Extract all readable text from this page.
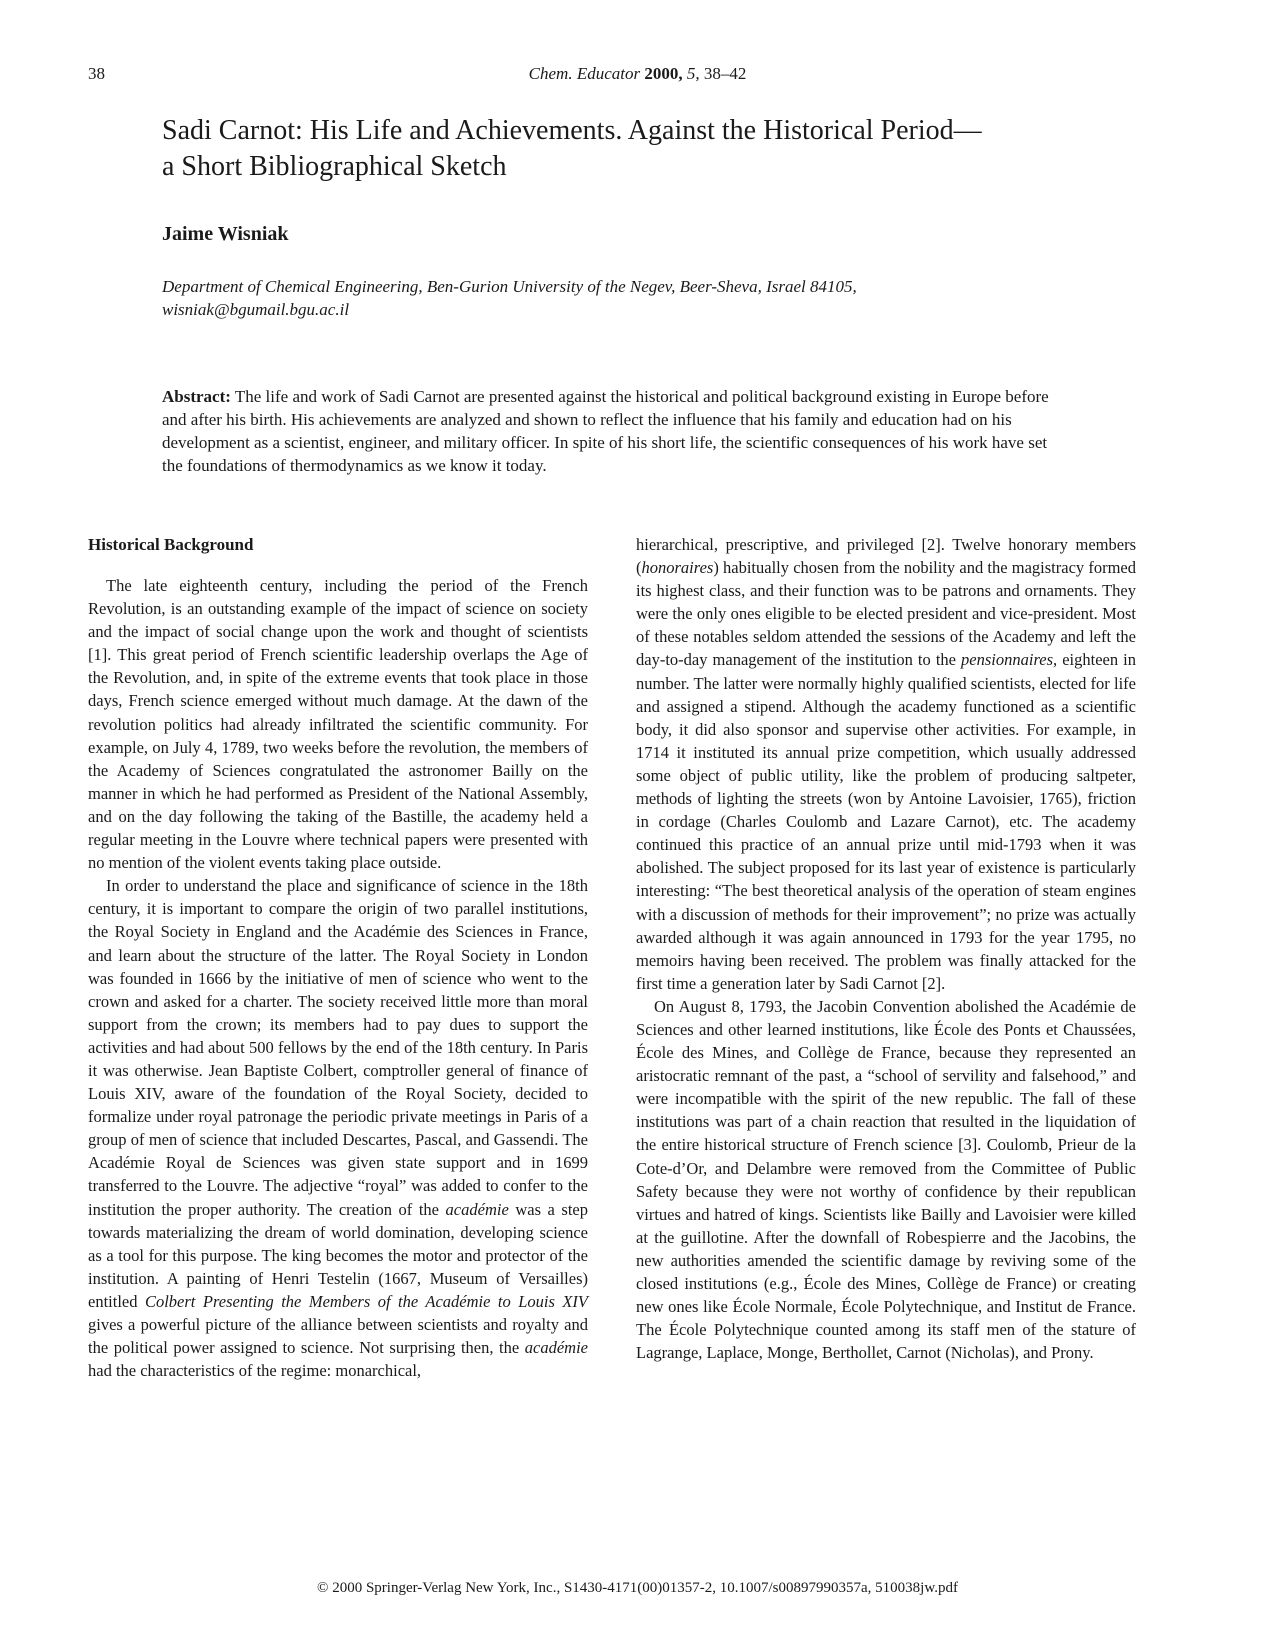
38	Chem. Educator 2000, 5, 38–42
Sadi Carnot: His Life and Achievements. Against the Historical Period—
a Short Bibliographical Sketch

Jaime Wisniak

Department of Chemical Engineering, Ben-Gurion University of the Negev, Beer-Sheva, Israel 84105,
wisniak@bgumail.bgu.ac.il

Abstract: The life and work of Sadi Carnot are presented against the historical and political background existing in Europe before and after his birth. His achievements are analyzed and shown to reflect the influence that his family and education had on his development as a scientist, engineer, and military officer. In spite of his short life, the scientific consequences of his work have set the foundations of thermodynamics as we know it today.

Historical Background

The late eighteenth century, including the period of the French Revolution, is an outstanding example of the impact of science on society and the impact of social change upon the work and thought of scientists [1]. This great period of French scientific leadership overlaps the Age of the Revolution, and, in spite of the extreme events that took place in those days, French science emerged without much damage. At the dawn of the revolution politics had already infiltrated the scientific community. For example, on July 4, 1789, two weeks before the revolution, the members of the Academy of Sciences congratulated the astronomer Bailly on the manner in which he had performed as President of the National Assembly, and on the day following the taking of the Bastille, the academy held a regular meeting in the Louvre where technical papers were presented with no mention of the violent events taking place outside.

In order to understand the place and significance of science in the 18th century, it is important to compare the origin of two parallel institutions, the Royal Society in England and the Académie des Sciences in France, and learn about the structure of the latter. The Royal Society in London was founded in 1666 by the initiative of men of science who went to the crown and asked for a charter. The society received little more than moral support from the crown; its members had to pay dues to support the activities and had about 500 fellows by the end of the 18th century. In Paris it was otherwise. Jean Baptiste Colbert, comptroller general of finance of Louis XIV, aware of the foundation of the Royal Society, decided to formalize under royal patronage the periodic private meetings in Paris of a group of men of science that included Descartes, Pascal, and Gassendi. The Académie Royal de Sciences was given state support and in 1699 transferred to the Louvre. The adjective “royal” was added to confer to the institution the proper authority. The creation of the académie was a step towards materializing the dream of world domination, developing science as a tool for this purpose. The king becomes the motor and protector of the institution. A painting of Henri Testelin (1667, Museum of Versailles) entitled Colbert Presenting the Members of the Académie to Louis XIV gives a powerful picture of the alliance between scientists and royalty and the political power assigned to science. Not surprising then, the académie had the characteristics of the regime: monarchical,

hierarchical, prescriptive, and privileged [2]. Twelve honorary members (honoraires) habitually chosen from the nobility and the magistracy formed its highest class, and their function was to be patrons and ornaments. They were the only ones eligible to be elected president and vice-president. Most of these notables seldom attended the sessions of the Academy and left the day-to-day management of the institution to the pensionnaires, eighteen in number. The latter were normally highly qualified scientists, elected for life and assigned a stipend. Although the academy functioned as a scientific body, it did also sponsor and supervise other activities. For example, in 1714 it instituted its annual prize competition, which usually addressed some object of public utility, like the problem of producing saltpeter, methods of lighting the streets (won by Antoine Lavoisier, 1765), friction in cordage (Charles Coulomb and Lazare Carnot), etc. The academy continued this practice of an annual prize until mid-1793 when it was abolished. The subject proposed for its last year of existence is particularly interesting: “The best theoretical analysis of the operation of steam engines with a discussion of methods for their improvement”; no prize was actually awarded although it was again announced in 1793 for the year 1795, no memoirs having been received. The problem was finally attacked for the first time a generation later by Sadi Carnot [2].

On August 8, 1793, the Jacobin Convention abolished the Académie de Sciences and other learned institutions, like École des Ponts et Chaussées, École des Mines, and Collège de France, because they represented an aristocratic remnant of the past, a “school of servility and falsehood,” and were incompatible with the spirit of the new republic. The fall of these institutions was part of a chain reaction that resulted in the liquidation of the entire historical structure of French science [3]. Coulomb, Prieur de la Cote-d’Or, and Delambre were removed from the Committee of Public Safety because they were not worthy of confidence by their republican virtues and hatred of kings. Scientists like Bailly and Lavoisier were killed at the guillotine. After the downfall of Robespierre and the Jacobins, the new authorities amended the scientific damage by reviving some of the closed institutions (e.g., École des Mines, Collège de France) or creating new ones like École Normale, École Polytechnique, and Institut de France. The École Polytechnique counted among its staff men of the stature of Lagrange, Laplace, Monge, Berthollet, Carnot (Nicholas), and Prony.

© 2000 Springer-Verlag New York, Inc., S1430-4171(00)01357-2, 10.1007/s00897990357a, 510038jw.pdf
